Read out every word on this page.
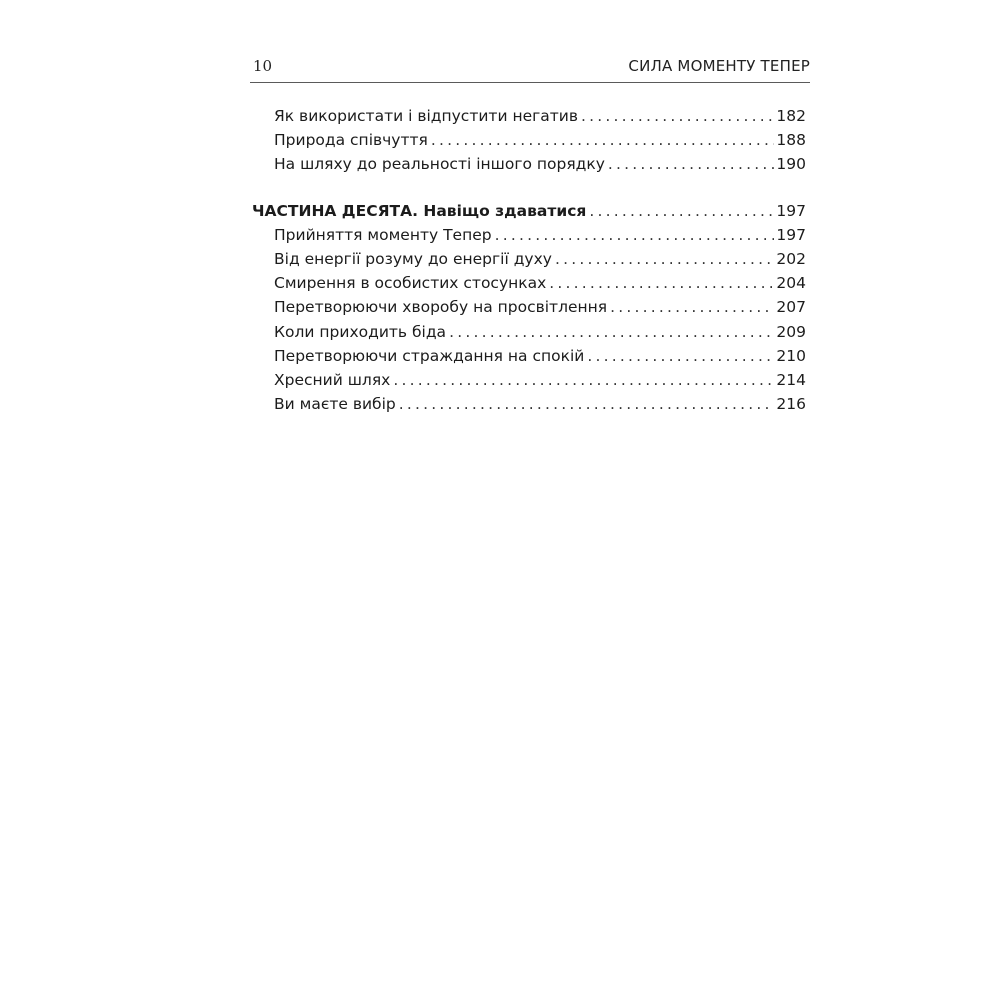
10	СИЛА МОМЕНТУ ТЕПЕР
Як використати і відпустити негатив .....	182
Природа співчуття .....	188
На шляху до реальності іншого порядку .....	190
ЧАСТИНА ДЕСЯТА. Навіщо здаватися .....	197
Прийняття моменту Тепер .....	197
Від енергії розуму до енергії духу .....	202
Смирення в особистих стосунках .....	204
Перетворюючи хворобу на просвітлення .....	207
Коли приходить біда .....	209
Перетворюючи страждання на спокій .....	210
Хресний шлях .....	214
Ви маєте вибір .....	216
